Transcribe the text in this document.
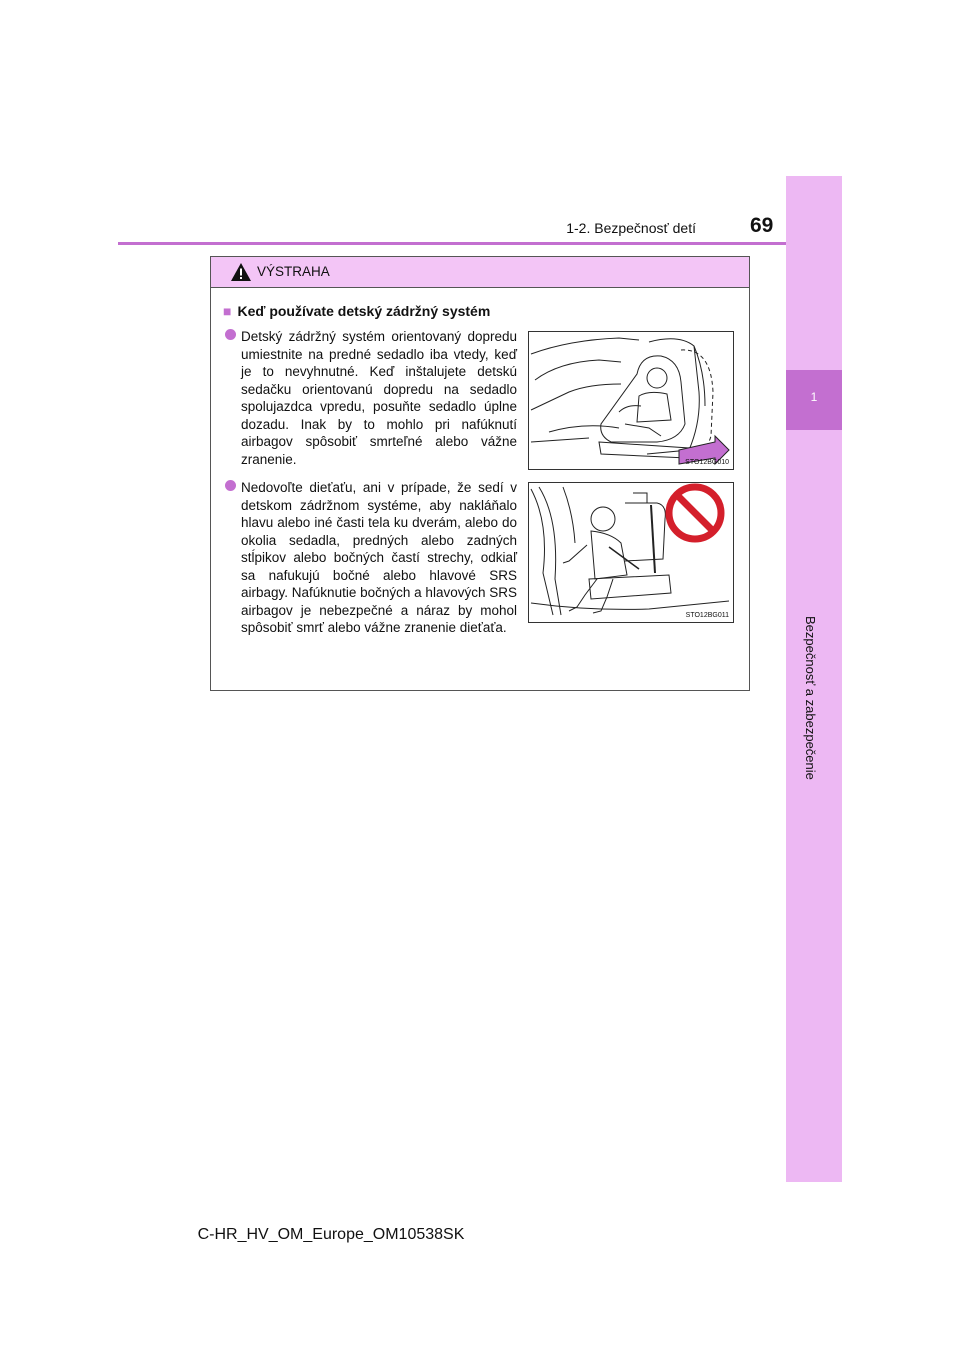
1
Bezpečnosť a zabezpečenie
1-2. Bezpečnosť detí	69
VÝSTRAHA
■ Keď používate detský zádržný systém
Detský zádržný systém orientovaný dopredu umiestnite na predné sedadlo iba vtedy, keď je to nevyhnutné. Keď inštalujete detskú sedačku orientovanú dopredu na sedadlo spolujazdca vpredu, posuňte sedadlo úplne dozadu. Inak by to mohlo pri nafúknutí airbagov spôsobiť smrteľné alebo vážne zranenie.	STO12BG010
Nedovoľte dieťaťu, ani v prípade, že sedí v detskom zádržnom systéme, aby nakláňalo hlavu alebo iné časti tela ku dverám, alebo do okolia sedadla, predných alebo zadných stĺpikov alebo bočných častí strechy, odkiaľ sa nafukujú bočné alebo hlavové SRS airbagy. Nafúknutie bočných a hlavových SRS airbagov je nebezpečné a náraz by mohol spôsobiť smrť alebo vážne zranenie dieťaťa.
STO12BG011
C-HR_HV_OM_Europe_OM10538SK
